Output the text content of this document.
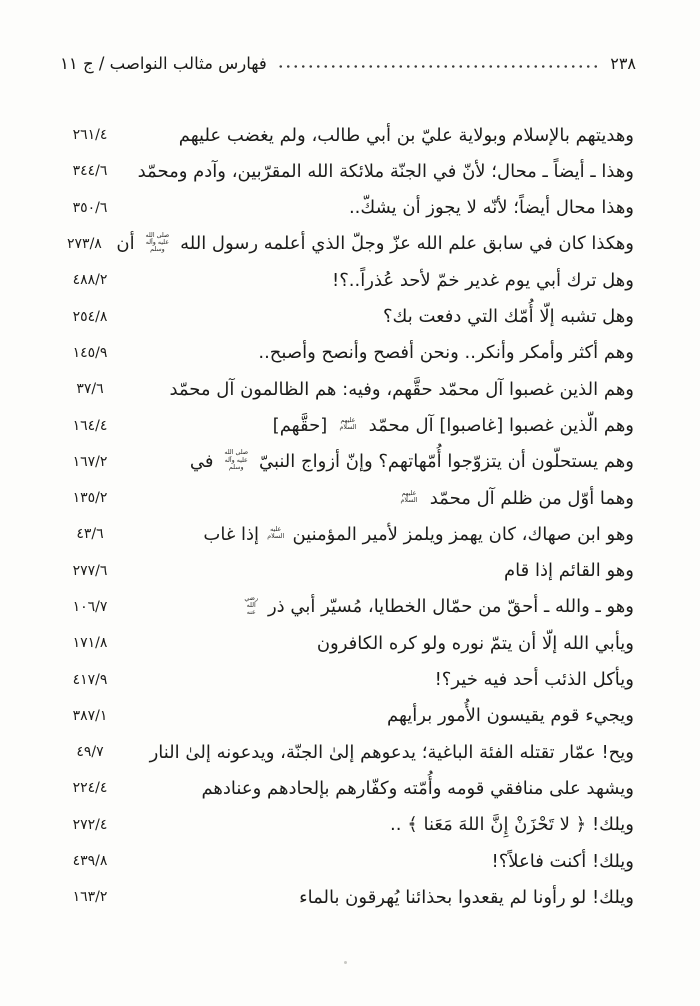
فهارس مثالب النواصب / ج ١١	٢٣٨
وهديتهم بالإسلام وبولاية عليّ بن أبي طالب، ولم يغضب عليهم
٢٦١/٤
وهذا ـ أيضاً ـ محال؛ لأنّ في الجنّة ملائكة الله المقرّبين، وآدم ومحمّد
٣٤٤/٦
وهذا محال أيضاً؛ لأنّه لا يجوز أن يشكّ..
٣٥٠/٦
وهكذا كان في سابق علم الله عزّ وجلّ الذي أعلمه رسول الله صلى الله عليه وآله وسلم أن
٢٧٣/٨
وهل ترك أبي يوم غدير خمّ لأحد عُذراً..؟!
٤٨٨/٢
وهل تشبه إلّا أُمّك التي دفعت بك؟
٢٥٤/٨
وهم أكثر وأمكر وأنكر.. ونحن أفصح وأنصح وأصبح..
١٤٥/٩
وهم الذين غصبوا آل محمّد حقَّهم، وفيه: هم الظالمون آل محمّد
٣٧/٦
وهم الّذين غصبوا [غاصبوا] آل محمّد عليهم السلام [حقَّهم]
١٦٤/٤
وهم يستحلّون أن يتزوّجوا أُمّهاتهم؟ وإنّ أزواج النبيّ صلى الله عليه وآله وسلم في
١٦٧/٢
وهما أوّل من ظلم آل محمّد عليهم السلام
١٣٥/٢
وهو ابن صهاك، كان يهمز ويلمز لأمير المؤمنين عليه السلام إذا غاب
٤٣/٦
وهو القائم إذا قام
٢٧٧/٦
وهو ـ والله ـ أحقّ من حمّال الخطايا، مُسيّر أبي ذر رضي الله عنه
١٠٦/٧
ويأبي الله إلّا أن يتمّ نوره ولو كره الكافرون
١٧١/٨
ويأكل الذئب أحد فيه خير؟!
٤١٧/٩
ويجيء قوم يقيسون الأُمور برأيهم
٣٨٧/١
ويح! عمّار تقتله الفئة الباغية؛ يدعوهم إلىٰ الجنّة، ويدعونه إلىٰ النار
٤٩/٧
ويشهد على منافقي قومه وأُمّته وكفّارهم بإلحادهم وعنادهم
٢٢٤/٤
ويلك! ﴿ لا تَحْزَنْ إِنَّ اللهَ مَعَنا ﴾ ..
٢٧٢/٤
ويلك! أكنت فاعلاً؟!
٤٣٩/٨
ويلك! لو رأونا لم يقعدوا بحذائنا يُهرقون بالماء
١٦٣/٢
